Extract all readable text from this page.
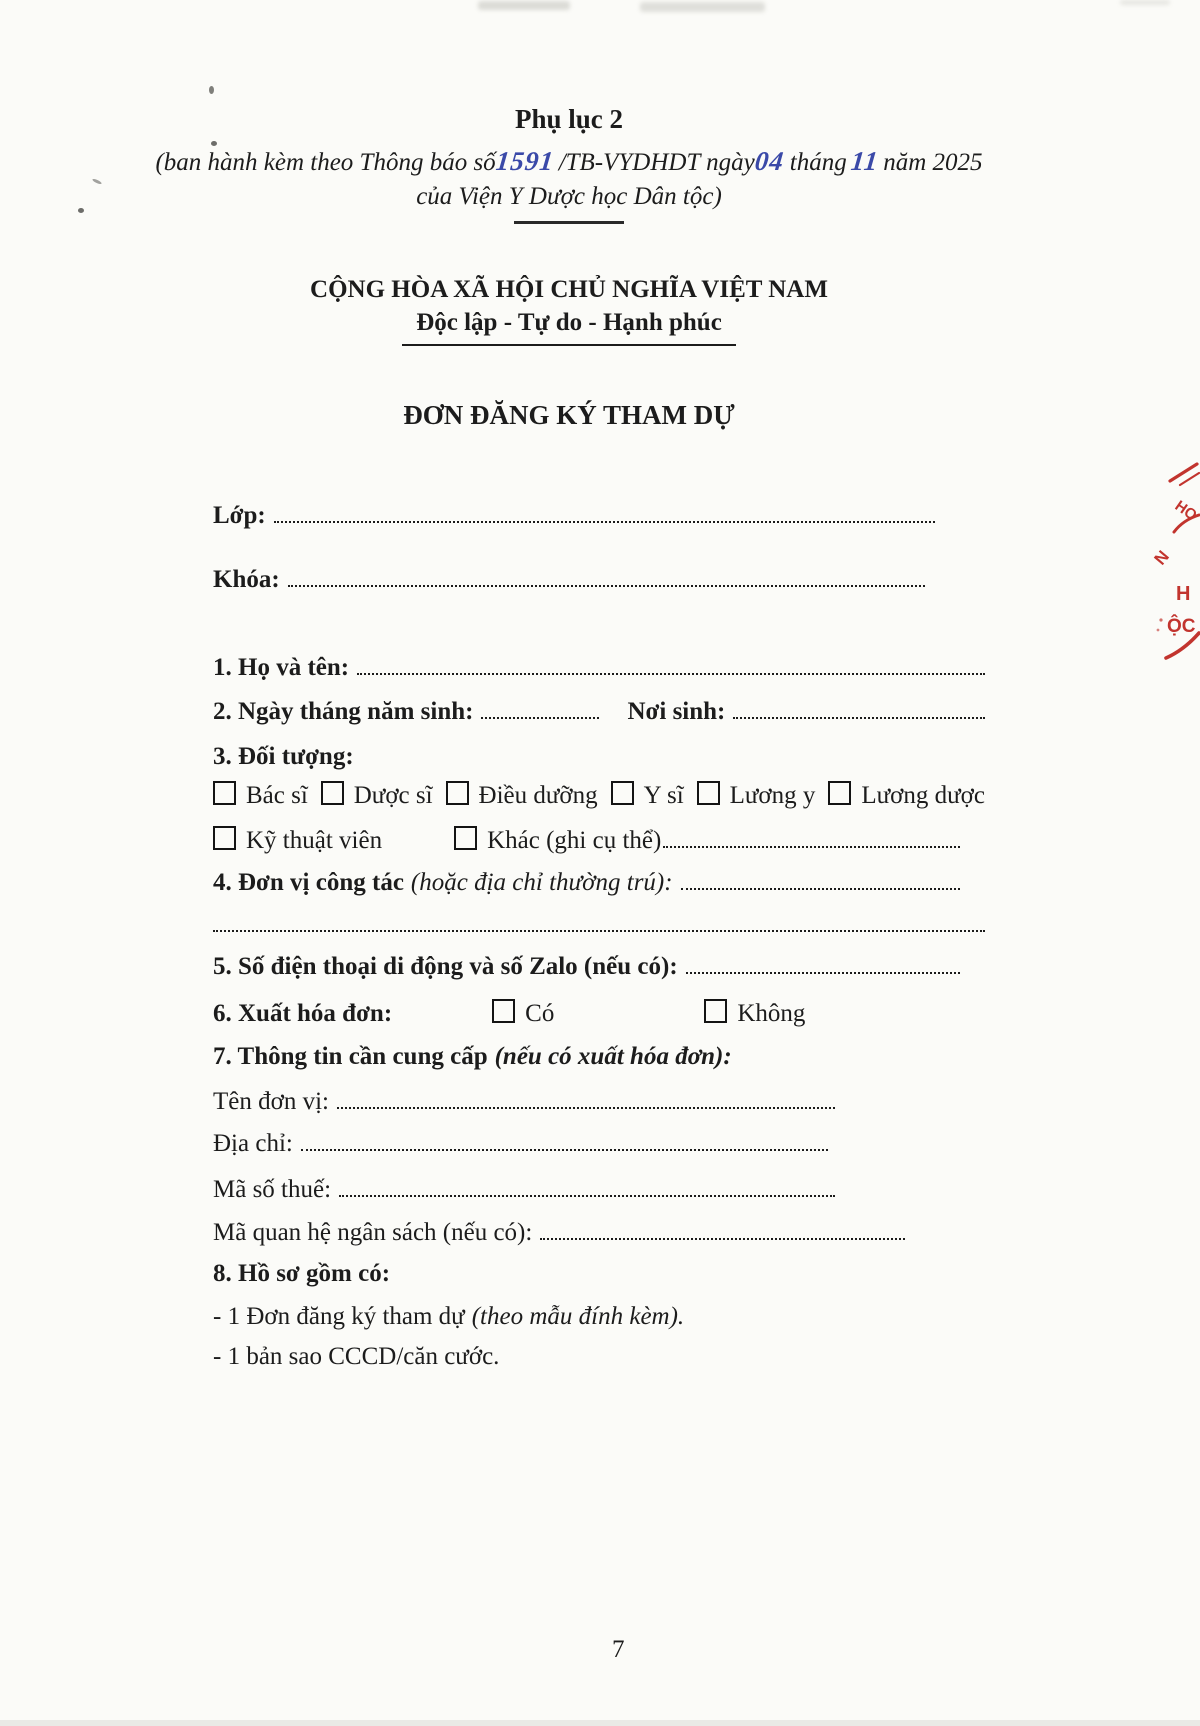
Phụ lục 2
(ban hành kèm theo Thông báo số1591 /TB-VYDHDT ngày04 tháng11 năm 2025
của Viện Y Dược học Dân tộc)
CỘNG HÒA XÃ HỘI CHỦ NGHĨA VIỆT NAM
Độc lập - Tự do - Hạnh phúc
ĐƠN ĐĂNG KÝ THAM DỰ
Lớp:
Khóa:
1. Họ và tên:
2. Ngày tháng năm sinh:	Nơi sinh:
3. Đối tượng:
Bác sĩ Dược sĩ Điều dưỡng Y sĩ Lương y Lương dược
Kỹ thuật viên	Khác (ghi cụ thể)
4. Đơn vị công tác (hoặc địa chỉ thường trú):
5. Số điện thoại di động và số Zalo (nếu có):
6. Xuất hóa đơn:	Có	Không
7. Thông tin cần cung cấp (nếu có xuất hóa đơn):
Tên đơn vị:
Địa chỉ:
Mã số thuế:
Mã quan hệ ngân sách (nếu có):
8. Hồ sơ gồm có:
- 1 Đơn đăng ký tham dự (theo mẫu đính kèm).
- 1 bản sao CCCD/căn cước.
7
HO
N
H
ỘC
